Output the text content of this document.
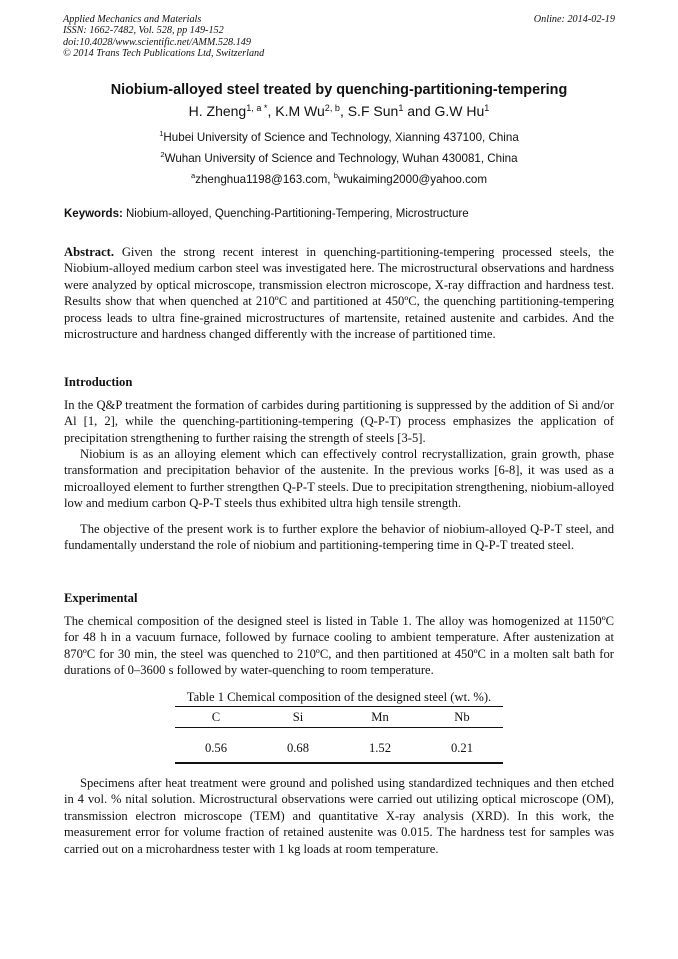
Applied Mechanics and Materials
ISSN: 1662-7482, Vol. 528, pp 149-152
doi:10.4028/www.scientific.net/AMM.528.149
© 2014 Trans Tech Publications Ltd, Switzerland
Online: 2014-02-19
Niobium-alloyed steel treated by quenching-partitioning-tempering
H. Zheng$^{1, a *}$, K.M Wu$^{2, b}$, S.F Sun$^1$ and G.W Hu$^1$
$^1$Hubei University of Science and Technology, Xianning 437100, China
$^2$Wuhan University of Science and Technology, Wuhan 430081, China
$^a$zhenghua1198@163.com, $^b$wukaiming2000@yahoo.com
Keywords: Niobium-alloyed, Quenching-Partitioning-Tempering, Microstructure
Abstract. Given the strong recent interest in quenching-partitioning-tempering processed steels, the Niobium-alloyed medium carbon steel was investigated here. The microstructural observations and hardness were analyzed by optical microscope, transmission electron microscope, X-ray diffraction and hardness test. Results show that when quenched at 210ºC and partitioned at 450ºC, the quenching partitioning-tempering process leads to ultra fine-grained microstructures of martensite, retained austenite and carbides. And the microstructure and hardness changed differently with the increase of partitioned time.
Introduction
In the Q&P treatment the formation of carbides during partitioning is suppressed by the addition of Si and/or Al [1, 2], while the quenching-partitioning-tempering (Q-P-T) process emphasizes the application of precipitation strengthening to further raising the strength of steels [3-5].
Niobium is as an alloying element which can effectively control recrystallization, grain growth, phase transformation and precipitation behavior of the austenite. In the previous works [6-8], it was used as a microalloyed element to further strengthen Q-P-T steels. Due to precipitation strengthening, niobium-alloyed low and medium carbon Q-P-T steels thus exhibited ultra high tensile strength.
The objective of the present work is to further explore the behavior of niobium-alloyed Q-P-T steel, and fundamentally understand the role of niobium and partitioning-tempering time in Q-P-T treated steel.
Experimental
The chemical composition of the designed steel is listed in Table 1. The alloy was homogenized at 1150ºC for 48 h in a vacuum furnace, followed by furnace cooling to ambient temperature. After austenization at 870ºC for 30 min, the steel was quenched to 210ºC, and then partitioned at 450ºC in a molten salt bath for durations of 0–3600 s followed by water-quenching to room temperature.
Table 1 Chemical composition of the designed steel (wt. %).
C	Si	Mn	Nb
0.56	0.68	1.52	0.21
Specimens after heat treatment were ground and polished using standardized techniques and then etched in 4 vol. % nital solution. Microstructural observations were carried out utilizing optical microscope (OM), transmission electron microscope (TEM) and quantitative X-ray analysis (XRD). In this work, the measurement error for volume fraction of retained austenite was 0.015. The hardness test for samples was carried out on a microhardness tester with 1 kg loads at room temperature.
